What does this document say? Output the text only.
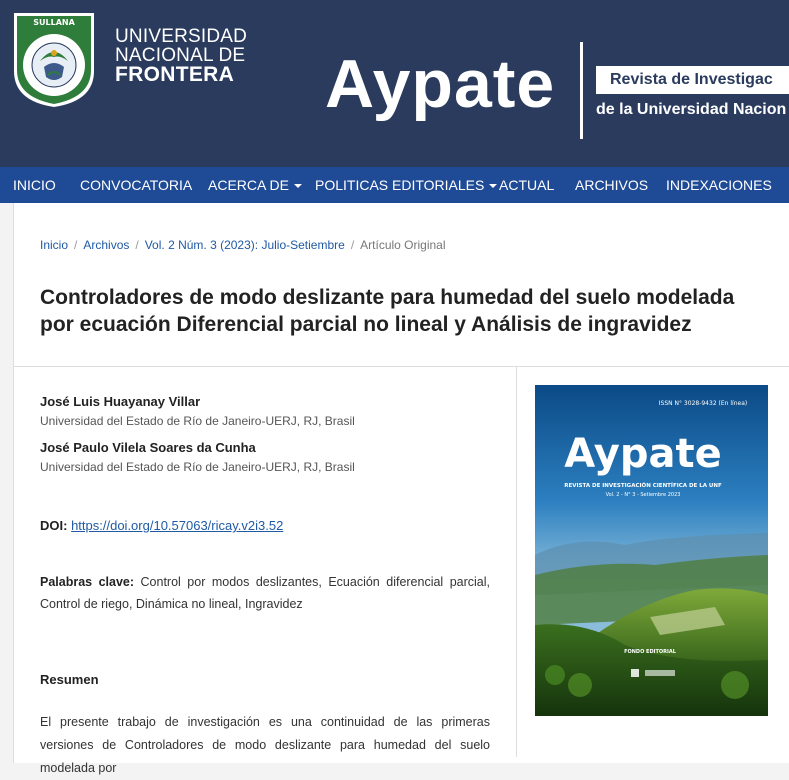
SULLANA
UNIVERSIDAD
NACIONAL DE
FRONTERA Aypate	Revista de Investigac
de la Universidad Nacion
INICIO CONVOCATORIA ACERCA DE	POLITICAS EDITORIALES	ACTUAL ARCHIVOS INDEXACIONES
Inicio / Archivos / Vol. 2 Núm. 3 (2023): Julio-Setiembre / Artículo Original
Controladores de modo deslizante para humedad del suelo modelada por ecuación Diferencial parcial no lineal y Análisis de ingravidez
José Luis Huayanay Villar
Universidad del Estado de Río de Janeiro-UERJ, RJ, Brasil
José Paulo Vilela Soares da Cunha
Universidad del Estado de Río de Janeiro-UERJ, RJ, Brasil
DOI: https://doi.org/10.57063/ricay.v2i3.52
Palabras clave: Control por modos deslizantes, Ecuación diferencial parcial, Control de riego, Dinámica no lineal, Ingravidez
Resumen
El presente trabajo de investigación es una continuidad de las primeras versiones de Controladores de modo deslizante para humedad del suelo modelada por
ISSN N° 3028-9432 (En línea)
Aypate
REVISTA DE INVESTIGACIÓN CIENTÍFICA DE LA UNF
Vol. 2 - N° 3 - Setiembre 2023
FONDO EDITORIAL
